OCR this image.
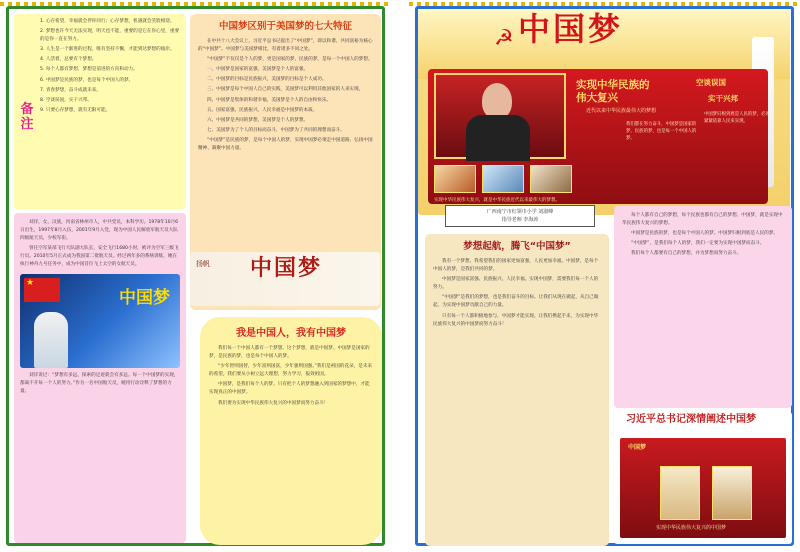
备注

1. 心存希望，幸福就会伴你同行；心存梦想，机遇就会笑脸相迎。

2. 梦想也许今天无法实现，明天也不能，重要的是它在你心里，重要的是你一直在努力。

3. 人生是一个渐进的过程，唯有坚持不懈，才能到达梦想的彼岸。

4. 人活着，总要有个梦想。

5. 每个人都有梦想，梦想是前进的方向和动力。

6. 中国梦是民族的梦，也是每个中国人的梦。

7. 青春梦想，奋斗成就未来。

8. 空谈误国，实干兴邦。

9. 只要心存梦想，就有无限可能。

中国梦区别于美国梦的七大特征

在中共十八大会议上，习近平总书记提出了“中国梦”，即以和谐、共同富裕为核心的“中国梦”。中国梦与美国梦相比，有着诸多不同之处。

“中国梦”不仅仅是个人的梦，更是国家的梦、民族的梦，是每一个中国人的梦想。

一、中国梦是国家的富强，美国梦是个人的富强。

二、中国梦的目标是民族振兴，美国梦的目标是个人成功。

三、中国梦是每个中国人自己的实践，美国梦可以利用其他国家的人来实现。

四、中国梦是集体的和谐幸福，美国梦是个人的自由和快乐。

五、国家富强、民族振兴、人民幸福是中国梦的本质。

六、中国梦是共同的梦想，美国梦是个人的梦想。

七、美国梦为了个人的目标而奋斗，中国梦为了共同的理想而奋斗。

“中国梦”是民族的梦，是每个中国人的梦，实现中国梦必须走中国道路、弘扬中国精神、凝聚中国力量。

扬帆 中国梦

刘洋，女，汉族，河南省林州市人，中共党员，本科学历。1978年10月6日出生，1997年8月入伍，2001年9月入党，现为中国人民解放军航天员大队四级航天员，少校军衔。

曾任空军某部飞行大队副大队长，安全飞行1680小时，被评为空军三级飞行员。2010年5月正式成为我国第二批航天员。经过两年多的系统训练，她在执行神舟九号任务中，成为中国首位飞上太空的女航天员。

★
中国梦

刘洋说过：“梦想有多远，探索的足迹就会有多远。每一个中国梦的实现，都离不开每一个人的努力。”作为一名中国航天员，她用行动诠释了梦想的力量。

我是中国人，我有中国梦

我们每一个中国人都有一个梦想。这个梦想，就是中国梦。中国梦是国家的梦，是民族的梦，也是每个中国人的梦。

“少年智则国智，少年富则国富，少年强则国强。”我们是祖国的花朵，是未来的希望。我们要从小树立远大理想，努力学习，报效祖国。

中国梦，是我们每个人的梦。只有把个人的梦想融入到国家的梦想中，才能实现真正的中国梦。

我们要为实现中华民族伟大复兴的中国梦而努力奋斗！

☭ 中国梦
实现中华民族的
伟大复兴
近代以来中华民族最伟大的梦想
空谈误国
实干兴邦
我们都在努力奋斗，中国梦是国家的梦，民族的梦，也是每一个中国人的梦。
中国梦归根到底是人民的梦，必须紧紧依靠人民来实现。
实现中华民族伟大复兴，就是中华民族近代以来最伟大的梦想。
广西南宁市红领巾小学 刘淑峰
指导老师 李海涛
梦想起航，腾飞“中国梦”

我有一个梦想，我希望我们的国家更加富强，人民更加幸福。中国梦，是每个中国人的梦，是我们共同的梦。

中国梦是国家富强、民族振兴、人民幸福。实现中国梦，需要我们每一个人的努力。

“中国梦”是我们的梦想，也是我们奋斗的目标。让我们从现在做起，从自己做起，为实现中国梦贡献自己的力量。

只有每一个人都积极地参与，中国梦才能实现。让我们携起手来，为实现中华民族伟大复兴的中国梦而努力奋斗！

每个人都有自己的梦想，每个民族也都有自己的梦想。中国梦，就是实现中华民族伟大复兴的梦想。

中国梦是民族的梦，也是每个中国人的梦。中国梦归根到底是人民的梦。

“中国梦”，是我们每个人的梦，我们一定要为实现中国梦而奋斗。

我们每个人都要有自己的梦想，并为梦想而努力奋斗。

习近平总书记深情阐述中国梦
中国梦
实现中华民族伟大复兴的中国梦
